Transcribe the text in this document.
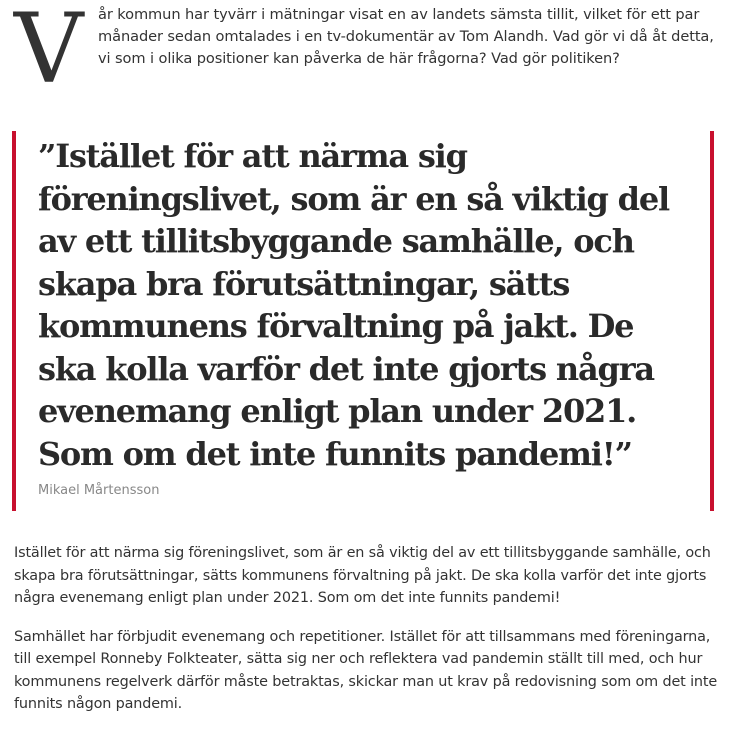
V år kommun har tyvärr i mätningar visat en av landets sämsta tillit, vilket för ett par månader sedan omtalades i en tv-dokumentär av Tom Alandh. Vad gör vi då åt detta, vi som i olika positioner kan påverka de här frågorna? Vad gör politiken?

”Istället för att närma sig föreningslivet, som är en så viktig del av ett tillitsbyggande samhälle, och skapa bra förutsättningar, sätts kommunens förvaltning på jakt. De ska kolla varför det inte gjorts några evenemang enligt plan under 2021. Som om det inte funnits pandemi!”

Mikael Mårtensson

Istället för att närma sig föreningslivet, som är en så viktig del av ett tillitsbyggande samhälle, och skapa bra förutsättningar, sätts kommunens förvaltning på jakt. De ska kolla varför det inte gjorts några evenemang enligt plan under 2021. Som om det inte funnits pandemi!

Samhället har förbjudit evenemang och repetitioner. Istället för att tillsammans med föreningarna, till exempel Ronneby Folkteater, sätta sig ner och reflektera vad pandemin ställt till med, och hur kommunens regelverk därför måste betraktas, skickar man ut krav på redovisning som om det inte funnits någon pandemi.
